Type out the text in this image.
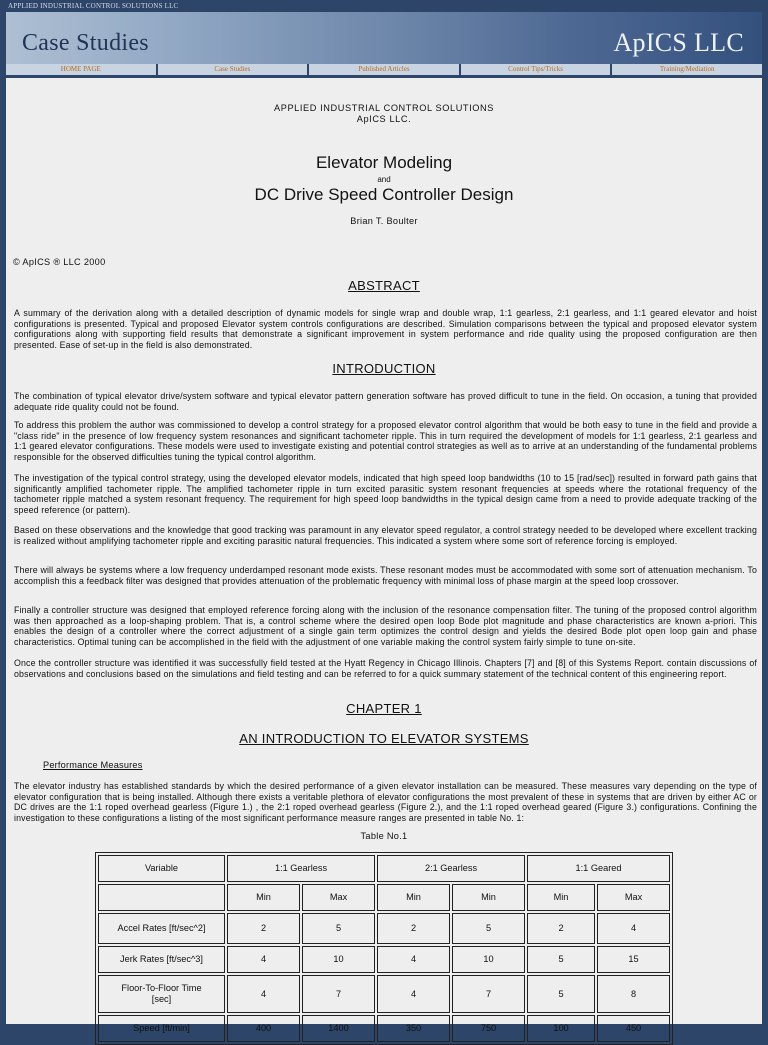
APPLIED INDUSTRIAL CONTROL SOLUTIONS LLC
Case Studies	ApICS LLC
HOME PAGE	Case Studies	Published Articles	Control Tips/Tricks	Training/Mediation
APPLIED INDUSTRIAL CONTROL SOLUTIONS
ApICS LLC.
Elevator Modeling
and
DC Drive Speed Controller Design
Brian T. Boulter
© ApICS ® LLC 2000
ABSTRACT
A summary of the derivation along with a detailed description of dynamic models for single wrap and double wrap, 1:1 gearless, 2:1 gearless, and 1:1 geared elevator and hoist configurations is presented. Typical and proposed Elevator system controls configurations are described. Simulation comparisons between the typical and proposed elevator system configurations along with supporting field results that demonstrate a significant improvement in system performance and ride quality using the proposed configuration are then presented. Ease of set-up in the field is also demonstrated.
INTRODUCTION
The combination of typical elevator drive/system software and typical elevator pattern generation software has proved difficult to tune in the field. On occasion, a tuning that provided adequate ride quality could not be found.
To address this problem the author was commissioned to develop a control strategy for a proposed elevator control algorithm that would be both easy to tune in the field and provide a "class ride" in the presence of low frequency system resonances and significant tachometer ripple. This in turn required the development of models for 1:1 gearless, 2:1 gearless and 1:1 geared elevator configurations. These models were used to investigate existing and potential control strategies as well as to arrive at an understanding of the fundamental problems responsible for the observed difficulties tuning the typical control algorithm.
The investigation of the typical control strategy, using the developed elevator models, indicated that high speed loop bandwidths (10 to 15 [rad/sec]) resulted in forward path gains that significantly amplified tachometer ripple. The amplified tachometer ripple in turn excited parasitic system resonant frequencies at speeds where the rotational frequency of the tachometer ripple matched a system resonant frequency. The requirement for high speed loop bandwidths in the typical design came from a need to provide adequate tracking of the speed reference (or pattern).
Based on these observations and the knowledge that good tracking was paramount in any elevator speed regulator, a control strategy needed to be developed where excellent tracking is realized without amplifying tachometer ripple and exciting parasitic natural frequencies. This indicated a system where some sort of reference forcing is employed.
There will always be systems where a low frequency underdamped resonant mode exists. These resonant modes must be accommodated with some sort of attenuation mechanism. To accomplish this a feedback filter was designed that provides attenuation of the problematic frequency with minimal loss of phase margin at the speed loop crossover.
Finally a controller structure was designed that employed reference forcing along with the inclusion of the resonance compensation filter. The tuning of the proposed control algorithm was then approached as a loop-shaping problem. That is, a control scheme where the desired open loop Bode plot magnitude and phase characteristics are known a-priori. This enables the design of a controller where the correct adjustment of a single gain term optimizes the control design and yields the desired Bode plot open loop gain and phase characteristics. Optimal tuning can be accomplished in the field with the adjustment of one variable making the control system fairly simple to tune on-site.
Once the controller structure was identified it was successfully field tested at the Hyatt Regency in Chicago Illinois. Chapters [7] and [8] of this Systems Report. contain discussions of observations and conclusions based on the simulations and field testing and can be referred to for a quick summary statement of the technical content of this engineering report.
CHAPTER 1
AN INTRODUCTION TO ELEVATOR SYSTEMS
Performance Measures
The elevator industry has established standards by which the desired performance of a given elevator installation can be measured. These measures vary depending on the type of elevator configuration that is being installed. Although there exists a veritable plethora of elevator configurations the most prevalent of these in systems that are driven by either AC or DC drives are the 1:1 roped overhead gearless (Figure 1.) , the 2:1 roped overhead gearless (Figure 2.), and the 1:1 roped overhead geared (Figure 3.) configurations. Confining the investigation to these configurations a listing of the most significant performance measure ranges are presented in table No. 1:
Table No.1
Variable	1:1 Gearless		2:1 Gearless		1:1 Geared	
	Min	Max	Min	Min	Min	Max
Accel Rates [ft/sec^2]	2	5	2	5	2	4
Jerk Rates [ft/sec^3]	4	10	4	10	5	15
Floor-To-Floor Time [sec]	4	7	4	7	5	8
Speed [ft/min]	400	1400	350	750	100	450
